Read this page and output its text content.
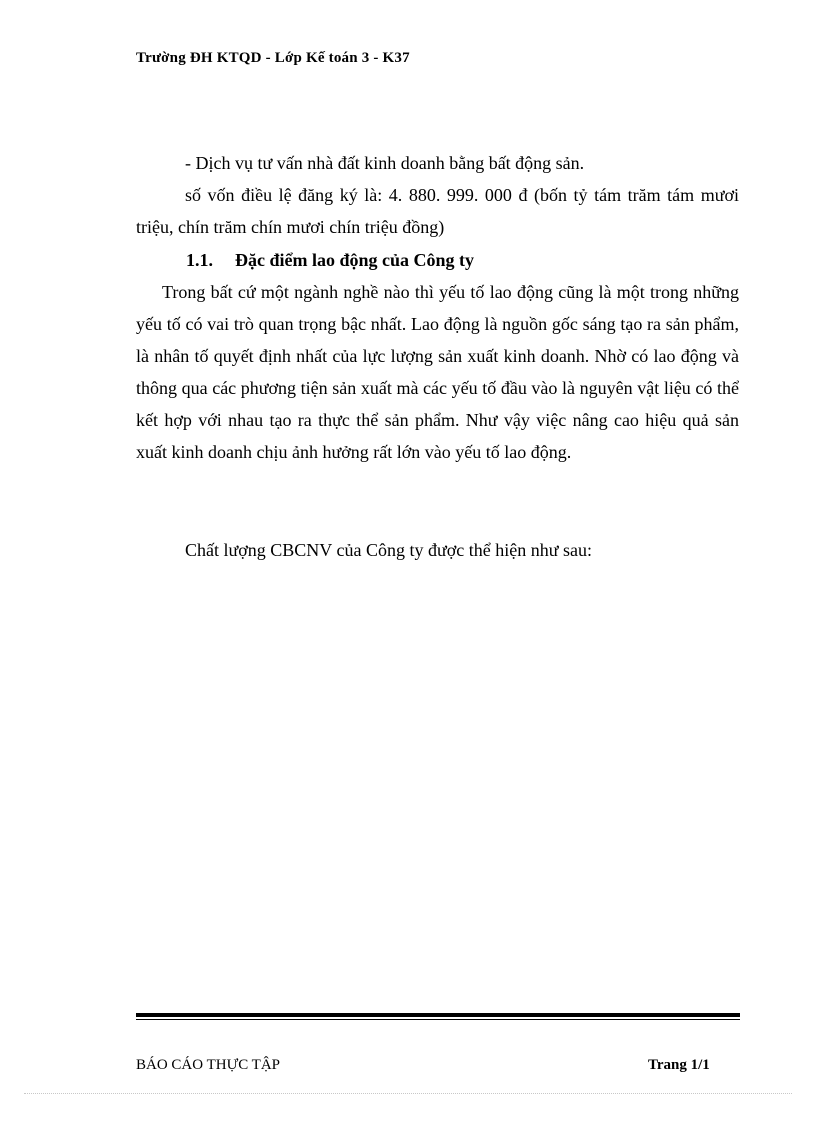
Trường ĐH KTQD - Lớp Kế toán 3 - K37
- Dịch vụ tư vấn nhà đất kinh doanh bằng bất động sản.
số vốn điều lệ đăng ký là: 4. 880. 999. 000 đ (bốn tỷ tám trăm tám mươi triệu, chín trăm chín mươi chín triệu đồng)
1.1. Đặc điểm lao động của Công ty
Trong bất cứ một ngành nghề nào thì yếu tố lao động cũng là một trong những yếu tố có vai trò quan trọng bậc nhất. Lao động là nguồn gốc sáng tạo ra sản phẩm, là nhân tố quyết định nhất của lực lượng sản xuất kinh doanh. Nhờ có lao động và thông qua các phương tiện sản xuất mà các yếu tố đầu vào là nguyên vật liệu có thể kết hợp với nhau tạo ra thực thể sản phẩm. Như vậy việc nâng cao hiệu quả sản xuất kinh doanh chịu ảnh hưởng rất lớn vào yếu tố lao động.
Chất lượng CBCNV của Công ty được thể hiện như sau:
BÁO CÁO THỰC TẬP	Trang 1/1
